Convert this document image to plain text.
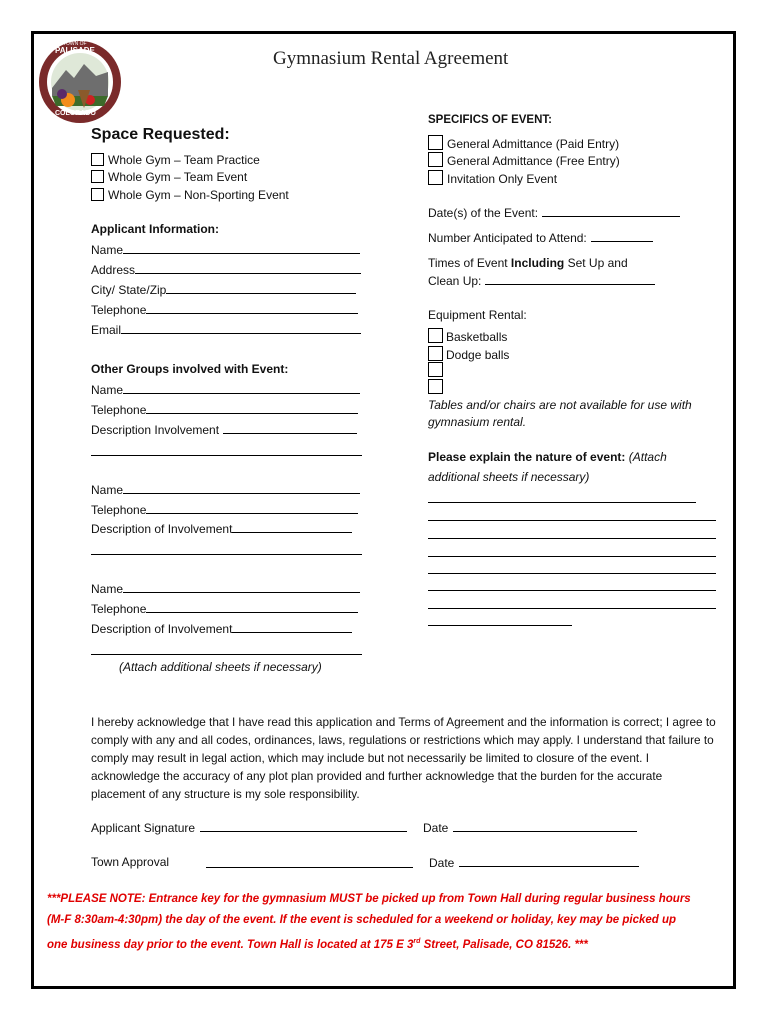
TOWN OF
PALISADE
COLORADO
Gymnasium Rental Agreement
Space Requested:
Whole Gym – Team Practice
Whole Gym – Team Event
Whole Gym – Non-Sporting Event
Applicant Information:
Name
Address
City/ State/Zip
Telephone
Email
Other Groups involved with Event:
Name
Telephone
Description Involvement
Name
Telephone
Description of Involvement
Name
Telephone
Description of Involvement
(Attach additional sheets if necessary)
SPECIFICS OF EVENT:
General Admittance (Paid Entry)
General Admittance (Free Entry)
Invitation Only Event
Date(s) of the Event:
Number Anticipated to Attend:
Times of Event Including Set Up and
Clean Up:
Equipment Rental:
Basketballs
Dodge balls
Tables and/or chairs are not available for use with
gymnasium rental.
Please explain the nature of event: (Attach
additional sheets if necessary)
I hereby acknowledge that I have read this application and Terms of Agreement and the information is correct; I agree to comply with any and all codes, ordinances, laws, regulations or restrictions which may apply. I understand that failure to comply may result in legal action, which may include but not necessarily be limited to closure of the event. I acknowledge the accuracy of any plot plan provided and further acknowledge that the burden for the accurate placement of any structure is my sole responsibility.
Applicant Signature	Date
Town Approval	Date
***PLEASE NOTE: Entrance key for the gymnasium MUST be picked up from Town Hall during regular business hours
(M-F 8:30am-4:30pm) the day of the event. If the event is scheduled for a weekend or holiday, key may be picked up
one business day prior to the event. Town Hall is located at 175 E 3rd Street, Palisade, CO 81526. ***
